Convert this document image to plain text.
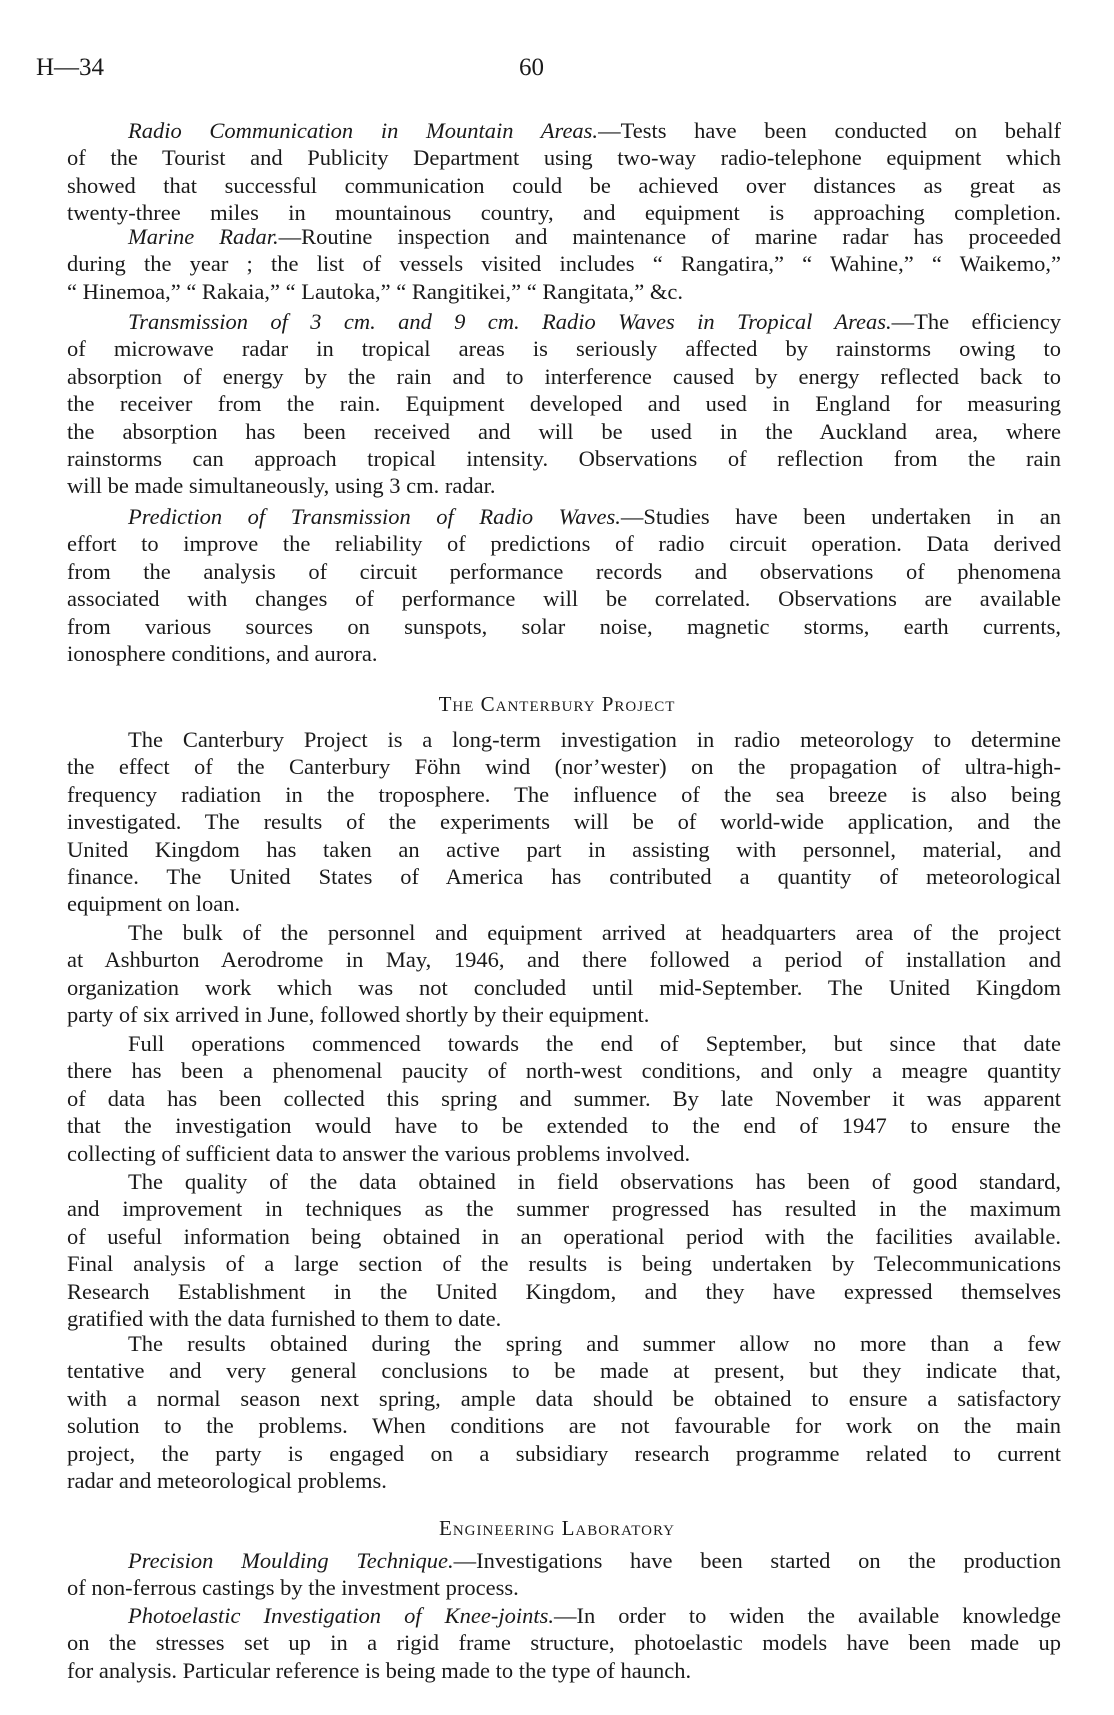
H—34	60
The Canterbury Project
Engineering Laboratory
Radio Communication in Mountain Areas.—Tests have been conducted on behalf
of the Tourist and Publicity Department using two-way radio-telephone equipment which
showed that successful communication could be achieved over distances as great as
twenty-three miles in mountainous country, and equipment is approaching completion.
Marine Radar.—Routine inspection and maintenance of marine radar has proceeded
during the year ; the list of vessels visited includes “ Rangatira,” “ Wahine,” “ Waikemo,”
“ Hinemoa,” “ Rakaia,” “ Lautoka,” “ Rangitikei,” “ Rangitata,” &c.
Transmission of 3 cm. and 9 cm. Radio Waves in Tropical Areas.—The efficiency
of microwave radar in tropical areas is seriously affected by rainstorms owing to
absorption of energy by the rain and to interference caused by energy reflected back to
the receiver from the rain. Equipment developed and used in England for measuring
the absorption has been received and will be used in the Auckland area, where
rainstorms can approach tropical intensity. Observations of reflection from the rain
will be made simultaneously, using 3 cm. radar.
Prediction of Transmission of Radio Waves.—Studies have been undertaken in an
effort to improve the reliability of predictions of radio circuit operation. Data derived
from the analysis of circuit performance records and observations of phenomena
associated with changes of performance will be correlated. Observations are available
from various sources on sunspots, solar noise, magnetic storms, earth currents,
ionosphere conditions, and aurora.
The Canterbury Project is a long-term investigation in radio meteorology to determine
the effect of the Canterbury Föhn wind (nor’wester) on the propagation of ultra-high-
frequency radiation in the troposphere. The influence of the sea breeze is also being
investigated. The results of the experiments will be of world-wide application, and the
United Kingdom has taken an active part in assisting with personnel, material, and
finance. The United States of America has contributed a quantity of meteorological
equipment on loan.
The bulk of the personnel and equipment arrived at headquarters area of the project
at Ashburton Aerodrome in May, 1946, and there followed a period of installation and
organization work which was not concluded until mid-September. The United Kingdom
party of six arrived in June, followed shortly by their equipment.
Full operations commenced towards the end of September, but since that date
there has been a phenomenal paucity of north-west conditions, and only a meagre quantity
of data has been collected this spring and summer. By late November it was apparent
that the investigation would have to be extended to the end of 1947 to ensure the
collecting of sufficient data to answer the various problems involved.
The quality of the data obtained in field observations has been of good standard,
and improvement in techniques as the summer progressed has resulted in the maximum
of useful information being obtained in an operational period with the facilities available.
Final analysis of a large section of the results is being undertaken by Telecommunications
Research Establishment in the United Kingdom, and they have expressed themselves
gratified with the data furnished to them to date.
The results obtained during the spring and summer allow no more than a few
tentative and very general conclusions to be made at present, but they indicate that,
with a normal season next spring, ample data should be obtained to ensure a satisfactory
solution to the problems. When conditions are not favourable for work on the main
project, the party is engaged on a subsidiary research programme related to current
radar and meteorological problems.
Precision Moulding Technique.—Investigations have been started on the production
of non-ferrous castings by the investment process.
Photoelastic Investigation of Knee-joints.—In order to widen the available knowledge
on the stresses set up in a rigid frame structure, photoelastic models have been made up
for analysis. Particular reference is being made to the type of haunch.
